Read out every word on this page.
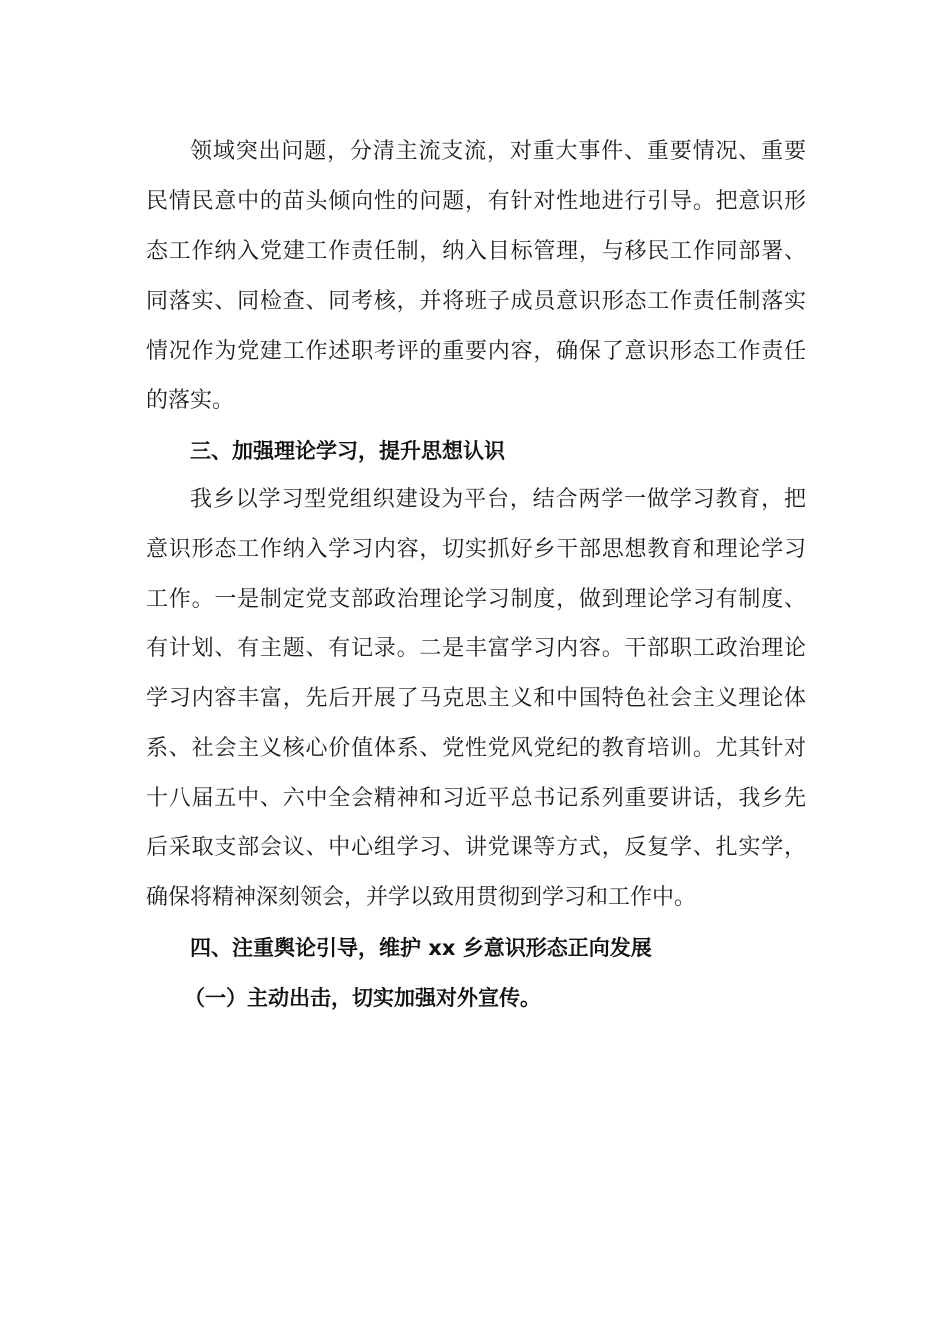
领域突出问题，分清主流支流，对重大事件、重要情况、重要
民情民意中的苗头倾向性的问题，有针对性地进行引导。把意识形
态工作纳入党建工作责任制，纳入目标管理，与移民工作同部署、
同落实、同检查、同考核，并将班子成员意识形态工作责任制落实
情况作为党建工作述职考评的重要内容，确保了意识形态工作责任
的落实。
三、加强理论学习，提升思想认识
我乡以学习型党组织建设为平台，结合两学一做学习教育，把
意识形态工作纳入学习内容，切实抓好乡干部思想教育和理论学习
工作。一是制定党支部政治理论学习制度，做到理论学习有制度、
有计划、有主题、有记录。二是丰富学习内容。干部职工政治理论
学习内容丰富，先后开展了马克思主义和中国特色社会主义理论体
系、社会主义核心价值体系、党性党风党纪的教育培训。尤其针对
十八届五中、六中全会精神和习近平总书记系列重要讲话，我乡先
后采取支部会议、中心组学习、讲党课等方式，反复学、扎实学，
确保将精神深刻领会，并学以致用贯彻到学习和工作中。
四、注重舆论引导，维护 xx 乡意识形态正向发展
（一）主动出击，切实加强对外宣传。
